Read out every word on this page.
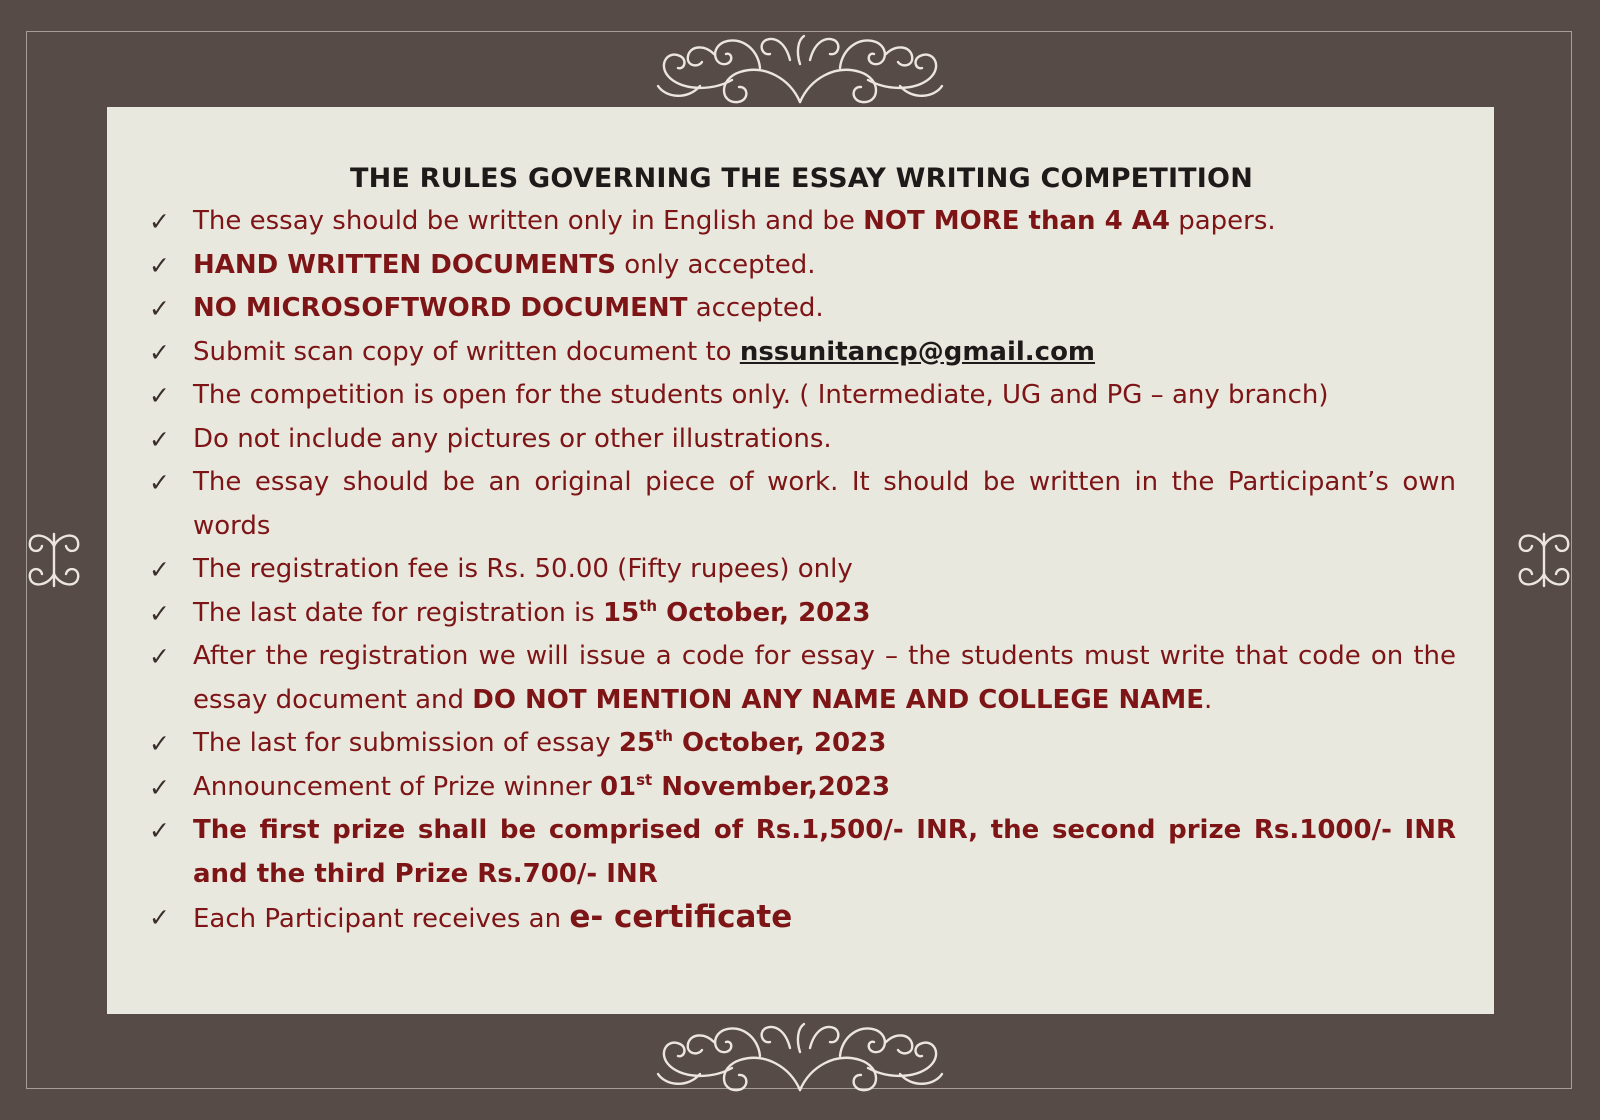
THE RULES GOVERNING THE ESSAY WRITING COMPETITION
✓ The essay should be written only in English and be NOT MORE than 4 A4 papers.
✓ HAND WRITTEN DOCUMENTS only accepted.
✓ NO MICROSOFTWORD DOCUMENT accepted.
✓ Submit scan copy of written document to nssunitancp@gmail.com
✓ The competition is open for the students only. ( Intermediate, UG and PG – any branch)
✓ Do not include any pictures or other illustrations.
✓ The essay should be an original piece of work. It should be written in the Participant’s own words
✓ The registration fee is Rs. 50.00 (Fifty rupees) only
✓ The last date for registration is 15th October, 2023
✓ After the registration we will issue a code for essay – the students must write that code on the essay document and DO NOT MENTION ANY NAME AND COLLEGE NAME.
✓ The last for submission of essay 25th October, 2023
✓ Announcement of Prize winner 01st November,2023
✓ The first prize shall be comprised of Rs.1,500/- INR, the second prize Rs.1000/- INR and the third Prize Rs.700/- INR
✓ Each Participant receives an e- certificate
